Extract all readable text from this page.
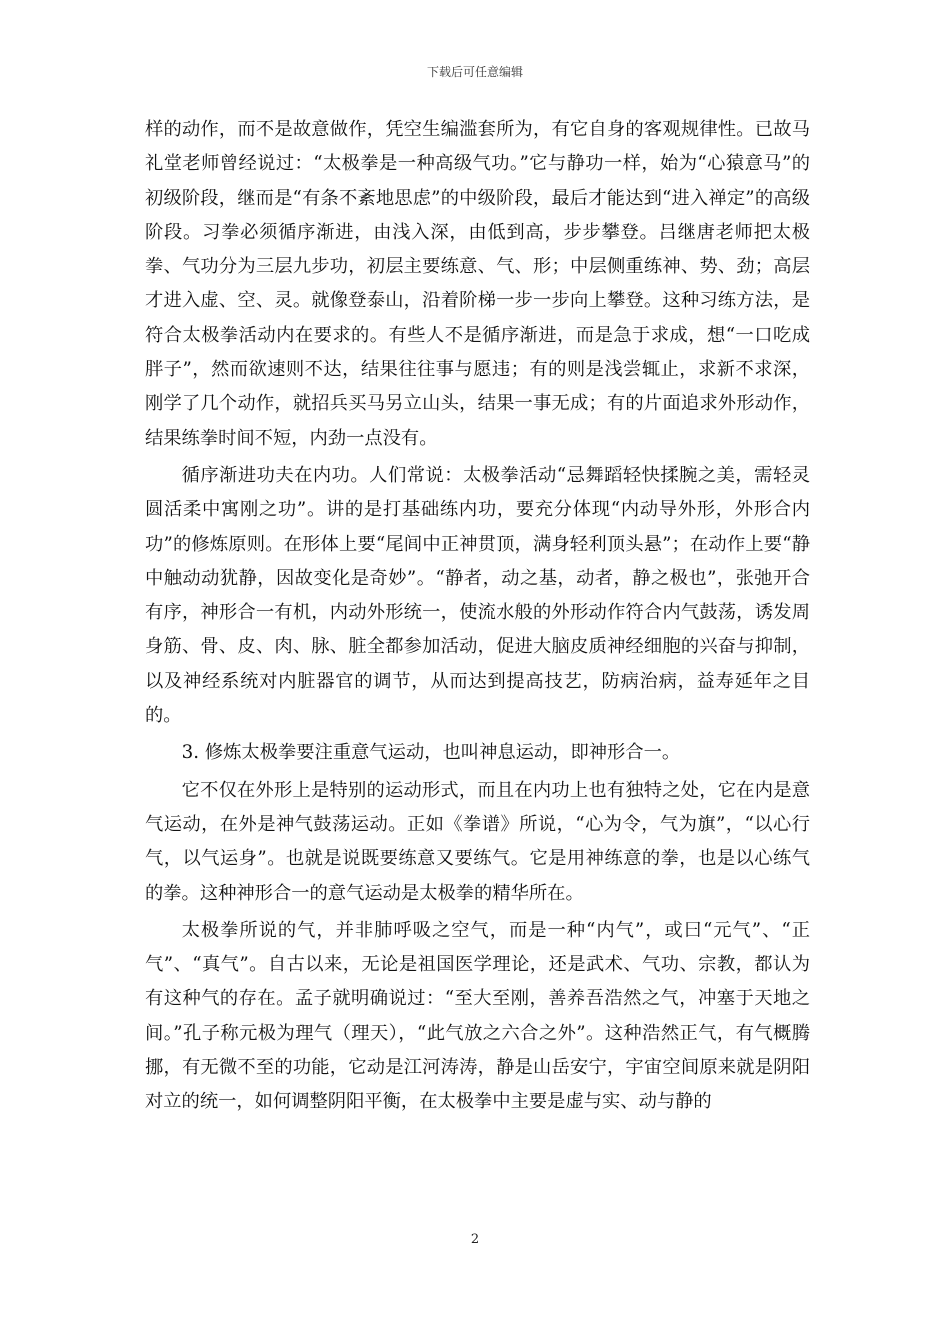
下载后可任意编辑

样的动作，而不是故意做作，凭空生编滥套所为，有它自身的客观规律性。已故马礼堂老师曾经说过：“太极拳是一种高级气功。”它与静功一样，始为“心猿意马”的初级阶段，继而是“有条不紊地思虑”的中级阶段，最后才能达到“进入禅定”的高级阶段。习拳必须循序渐进，由浅入深，由低到高，步步攀登。吕继唐老师把太极拳、气功分为三层九步功，初层主要练意、气、形；中层侧重练神、势、劲；高层才进入虚、空、灵。就像登泰山，沿着阶梯一步一步向上攀登。这种习练方法，是符合太极拳活动内在要求的。有些人不是循序渐进，而是急于求成，想“一口吃成胖子”，然而欲速则不达，结果往往事与愿违；有的则是浅尝辄止，求新不求深，刚学了几个动作，就招兵买马另立山头，结果一事无成；有的片面追求外形动作，结果练拳时间不短，内劲一点没有。

循序渐进功夫在内功。人们常说：太极拳活动“忌舞蹈轻快揉腕之美，需轻灵圆活柔中寓刚之功”。讲的是打基础练内功，要充分体现“内动导外形，外形合内功”的修炼原则。在形体上要“尾闾中正神贯顶，满身轻利顶头悬”；在动作上要“静中触动动犹静，因故变化是奇妙”。“静者，动之基，动者，静之极也”，张弛开合有序，神形合一有机，内动外形统一，使流水般的外形动作符合内气鼓荡，诱发周身筋、骨、皮、肉、脉、脏全都参加活动，促进大脑皮质神经细胞的兴奋与抑制，以及神经系统对内脏器官的调节，从而达到提高技艺，防病治病，益寿延年之目的。

3. 修炼太极拳要注重意气运动，也叫神息运动，即神形合一。

它不仅在外形上是特别的运动形式，而且在内功上也有独特之处，它在内是意气运动，在外是神气鼓荡运动。正如《拳谱》所说，“心为令，气为旗”，“以心行气，以气运身”。也就是说既要练意又要练气。它是用神练意的拳，也是以心练气的拳。这种神形合一的意气运动是太极拳的精华所在。

太极拳所说的气，并非肺呼吸之空气，而是一种“内气”，或曰“元气”、“正气”、“真气”。自古以来，无论是祖国医学理论，还是武术、气功、宗教，都认为有这种气的存在。孟子就明确说过：“至大至刚，善养吾浩然之气，冲塞于天地之间。”孔子称元极为理气（理天），“此气放之六合之外”。这种浩然正气，有气概腾挪，有无微不至的功能，它动是江河涛涛，静是山岳安宁，宇宙空间原来就是阴阳对立的统一，如何调整阴阳平衡，在太极拳中主要是虚与实、动与静的

2
